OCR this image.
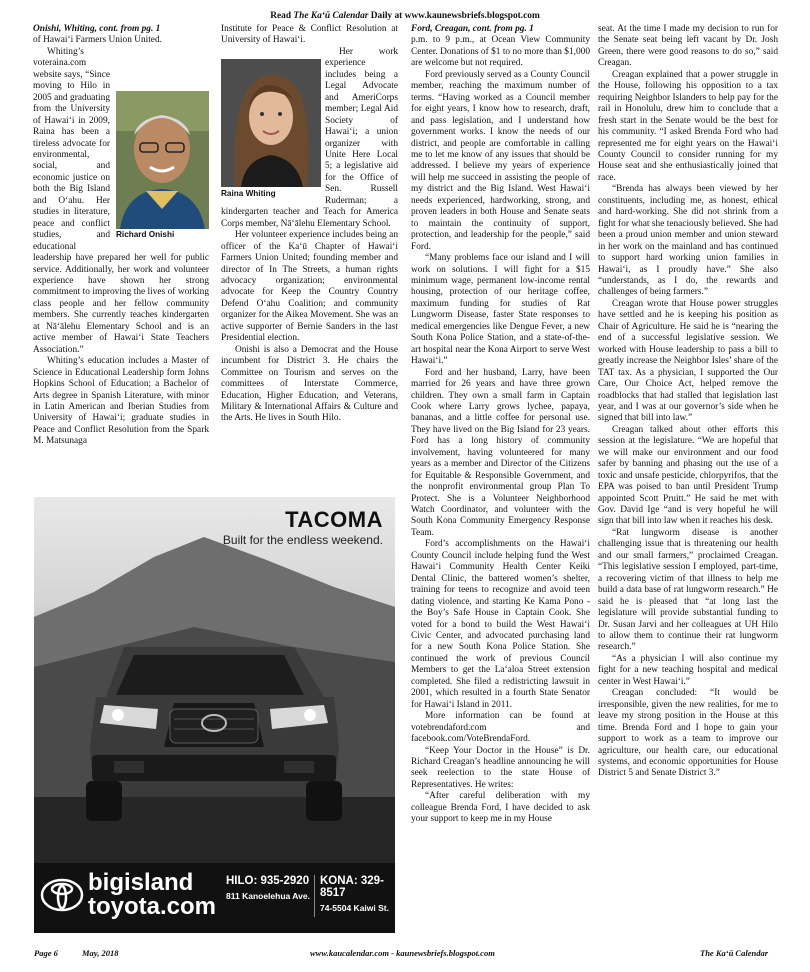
Read The Ka‘ū Calendar Daily at www.kaunewsbriefs.blogspot.com

Onishi, Whiting, cont. from pg. 1

of Hawai‘i Farmers Union United.

Richard Onishi

Whiting’s voteraina.com website says, “Since moving to Hilo in 2005 and graduating from the University of Hawai‘i in 2009, Raina has been a tireless advocate for environmental, social, and economic justice on both the Big Island and O‘ahu. Her studies in literature, peace and conflict studies, and educational leadership have prepared her well for public service. Additionally, her work and volunteer experience have shown her strong commitment to improving the lives of working class people and her fellow community members. She currently teaches kindergarten at Nā‘ālehu Elementary School and is an active member of Hawai‘i State Teachers Association.”

Whiting’s education includes a Master of Science in Educational Leadership form Johns Hopkins School of Education; a Bachelor of Arts degree in Spanish Literature, with minor in Latin American and Iberian Studies from University of Hawai‘i; graduate studies in Peace and Conflict Resolution from the Spark M. Matsunaga

Institute for Peace & Conflict Resolution at University of Hawai‘i.

Raina Whiting

Her work experience includes being a Legal Advocate and AmeriCorps member; Legal Aid Society of Hawai‘i; a union organizer with Unite Here Local 5; a legislative aid for the Office of Sen. Russell Ruderman; a kindergarten teacher and Teach for America Corps member, Nā‘ālehu Elementary School.

Her volunteer experience includes being an officer of the Ka‘ū Chapter of Hawai‘i Farmers Union United; founding member and director of In The Streets, a human rights advocacy organization; environmental advocate for Keep the Country Country Defend O‘ahu Coalition; and community organizer for the Aikea Movement. She was an active supporter of Bernie Sanders in the last Presidential election.

Onishi is also a Democrat and the House incumbent for District 3. He chairs the Committee on Tourism and serves on the committees of Interstate Commerce, Education, Higher Education, and Veterans, Military & International Affairs & Culture and the Arts. He lives in South Hilo.

Ford, Creagan, cont. from pg. 1

p.m. to 9 p.m., at Ocean View Community Center. Donations of $1 to no more than $1,000 are welcome but not required.

Ford previously served as a County Council member, reaching the maximum number of terms. “Having worked as a Council member for eight years, I know how to research, draft, and pass legislation, and I understand how government works. I know the needs of our district, and people are comfortable in calling me to let me know of any issues that should be addressed. I believe my years of experience will help me succeed in assisting the people of my district and the Big Island. West Hawai‘i needs experienced, hardworking, strong, and proven leaders in both House and Senate seats to maintain the continuity of support, protection, and leadership for the people,” said Ford.

“Many problems face our island and I will work on solutions. I will fight for a $15 minimum wage, permanent low-income rental housing, protection of our heritage coffee, maximum funding for studies of Rat Lungworm Disease, faster State responses to medical emergencies like Dengue Fever, a new South Kona Police Station, and a state-of-the-art hospital near the Kona Airport to serve West Hawai‘i.”

Ford and her husband, Larry, have been married for 26 years and have three grown children. They own a small farm in Captain Cook where Larry grows lychee, papaya, bananas, and a little coffee for personal use. They have lived on the Big Island for 23 years. Ford has a long history of community involvement, having volunteered for many years as a member and Director of the Citizens for Equitable & Responsible Government, and the nonprofit environmental group Plan To Protect. She is a Volunteer Neighborhood Watch Coordinator, and volunteer with the South Kona Community Emergency Response Team.

Ford’s accomplishments on the Hawai‘i County Council include helping fund the West Hawai‘i Community Health Center Keiki Dental Clinic, the battered women’s shelter, training for teens to recognize and avoid teen dating violence, and starting Ke Kama Pono - the Boy’s Safe House in Captain Cook. She voted for a bond to build the West Hawai‘i Civic Center, and advocated purchasing land for a new South Kona Police Station. She continued the work of previous Council Members to get the La‘aloa Street extension completed. She filed a redistricting lawsuit in 2001, which resulted in a fourth State Senator for Hawai‘i Island in 2011.

More information can be found at votebrendaford.com and facebook.com/VoteBrendaFord.

“Keep Your Doctor in the House” is Dr. Richard Creagan’s headline announcing he will seek reelection to the state House of Representatives. He writes:

“After careful deliberation with my colleague Brenda Ford, I have decided to ask your support to keep me in my House

seat. At the time I made my decision to run for the Senate seat being left vacant by Dr. Josh Green, there were good reasons to do so,” said Creagan.

Creagan explained that a power struggle in the House, following his opposition to a tax requiring Neighbor Islanders to help pay for the rail in Honolulu, drew him to conclude that a fresh start in the Senate would be the best for his community. “I asked Brenda Ford who had represented me for eight years on the Hawai‘i County Council to consider running for my House seat and she enthusiastically joined that race.

“Brenda has always been viewed by her constituents, including me, as honest, ethical and hard-working. She did not shrink from a fight for what she tenaciously believed. She had been a proud union member and union steward in her work on the mainland and has continued to support hard working union families in Hawai‘i, as I proudly have.” She also “understands, as I do, the rewards and challenges of being farmers.”

Creagan wrote that House power struggles have settled and he is keeping his position as Chair of Agriculture. He said he is “nearing the end of a successful legislative session. We worked with House leadership to pass a bill to greatly increase the Neighbor Isles’ share of the TAT tax. As a physician, I supported the Our Care, Our Choice Act, helped remove the roadblocks that had stalled that legislation last year, and I was at our governor’s side when he signed that bill into law.”

Creagan talked about other efforts this session at the legislature. “We are hopeful that we will make our environment and our food safer by banning and phasing out the use of a toxic and unsafe pesticide, chlorpyrifos, that the EPA was poised to ban until President Trump appointed Scott Pruitt.” He said he met with Gov. David Ige “and is very hopeful he will sign that bill into law when it reaches his desk.

“Rat lungworm disease is another challenging issue that is threatening our health and our small farmers,” proclaimed Creagan. “This legislative session I employed, part-time, a recovering victim of that illness to help me build a data base of rat lungworm research.” He said he is pleased that “at long last the legislature will provide substantial funding to Dr. Susan Jarvi and her colleagues at UH Hilo to allow them to continue their rat lungworm research.”

“As a physician I will also continue my fight for a new teaching hospital and medical center in West Hawai‘i.”

Creagan concluded: “It would be irresponsible, given the new realities, for me to leave my strong position in the House at this time. Brenda Ford and I hope to gain your support to work as a team to improve our agriculture, our health care, our educational systems, and economic opportunities for House District 5 and Senate District 3.”

TACOMA
Built for the endless weekend.
bigisland
toyota.com
HILO: 935-2920
811 Kanoelehua Ave.
KONA: 329-8517
74-5504 Kaiwi St.
Page 6	May, 2018	www.kaucalendar.com - kaunewsbriefs.blogspot.com	The Ka‘ū Calendar
